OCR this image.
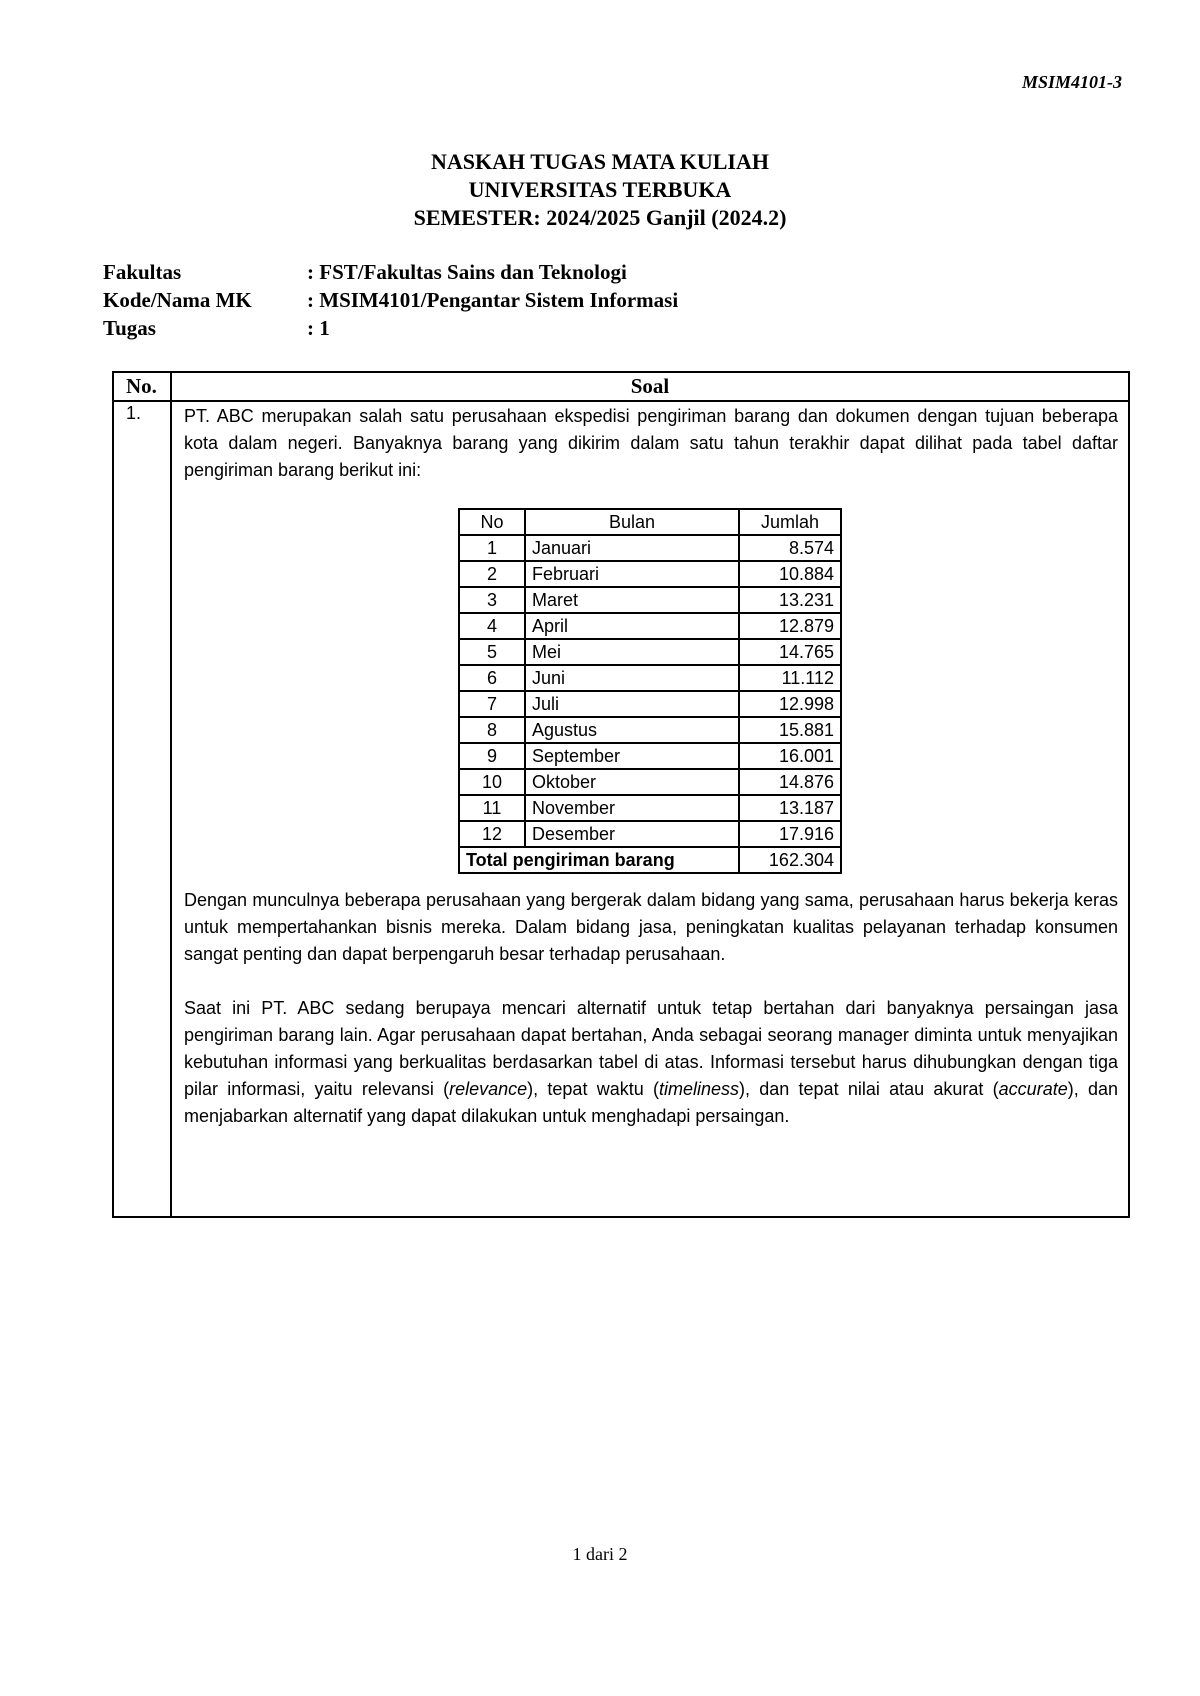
MSIM4101-3
NASKAH TUGAS MATA KULIAH
UNIVERSITAS TERBUKA
SEMESTER: 2024/2025 Ganjil (2024.2)
Fakultas	: FST/Fakultas Sains dan Teknologi
Kode/Nama MK	: MSIM4101/Pengantar Sistem Informasi
Tugas	: 1
No.	Soal
1. PT. ABC merupakan salah satu perusahaan ekspedisi pengiriman barang dan dokumen dengan tujuan beberapa kota dalam negeri. Banyaknya barang yang dikirim dalam satu tahun terakhir dapat dilihat pada tabel daftar pengiriman barang berikut ini:

Dengan munculnya beberapa perusahaan yang bergerak dalam bidang yang sama, perusahaan harus bekerja keras untuk mempertahankan bisnis mereka. Dalam bidang jasa, peningkatan kualitas pelayanan terhadap konsumen sangat penting dan dapat berpengaruh besar terhadap perusahaan.

Saat ini PT. ABC sedang berupaya mencari alternatif untuk tetap bertahan dari banyaknya persaingan jasa pengiriman barang lain. Agar perusahaan dapat bertahan, Anda sebagai seorang manager diminta untuk menyajikan kebutuhan informasi yang berkualitas berdasarkan tabel di atas. Informasi tersebut harus dihubungkan dengan tiga pilar informasi, yaitu relevansi (relevance), tepat waktu (timeliness), dan tepat nilai atau akurat (accurate), dan menjabarkan alternatif yang dapat dilakukan untuk menghadapi persaingan.

No	Bulan	Jumlah
1	Januari	8.574
2	Februari	10.884
3	Maret	13.231
4	April	12.879
5	Mei	14.765
6	Juni	11.112
7	Juli	12.998
8	Agustus	15.881
9	September	16.001
10	Oktober	14.876
11	November	13.187
12	Desember	17.916
Total pengiriman barang		162.304
1 dari 2
